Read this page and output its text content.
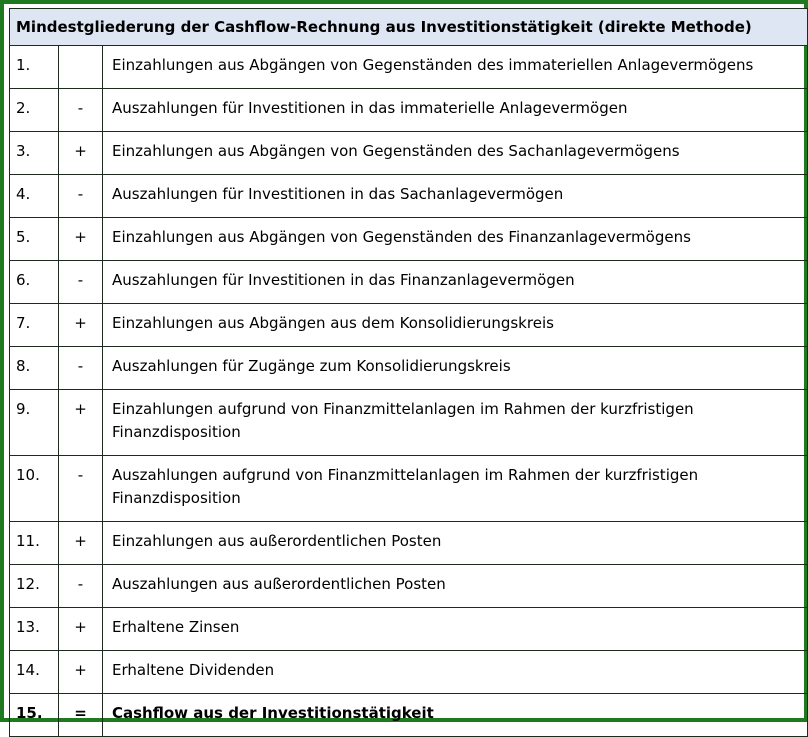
Mindestgliederung der Cashflow-Rechnung aus Investitionstätigkeit (direkte Methode)		
1.		Einzahlungen aus Abgängen von Gegenständen des immateriellen Anlagevermögens
2.	-	Auszahlungen für Investitionen in das immaterielle Anlagevermögen
3.	+	Einzahlungen aus Abgängen von Gegenständen des Sachanlagevermögens
4.	-	Auszahlungen für Investitionen in das Sachanlagevermögen
5.	+	Einzahlungen aus Abgängen von Gegenständen des Finanzanlagevermögens
6.	-	Auszahlungen für Investitionen in das Finanzanlagevermögen
7.	+	Einzahlungen aus Abgängen aus dem Konsolidierungskreis
8.	-	Auszahlungen für Zugänge zum Konsolidierungskreis
9.	+	Einzahlungen aufgrund von Finanzmittelanlagen im Rahmen der kurzfristigen Finanzdisposition
10.	-	Auszahlungen aufgrund von Finanzmittelanlagen im Rahmen der kurzfristigen Finanzdisposition
11.	+	Einzahlungen aus außerordentlichen Posten
12.	-	Auszahlungen aus außerordentlichen Posten
13.	+	Erhaltene Zinsen
14.	+	Erhaltene Dividenden
15.	=	Cashflow aus der Investitionstätigkeit
